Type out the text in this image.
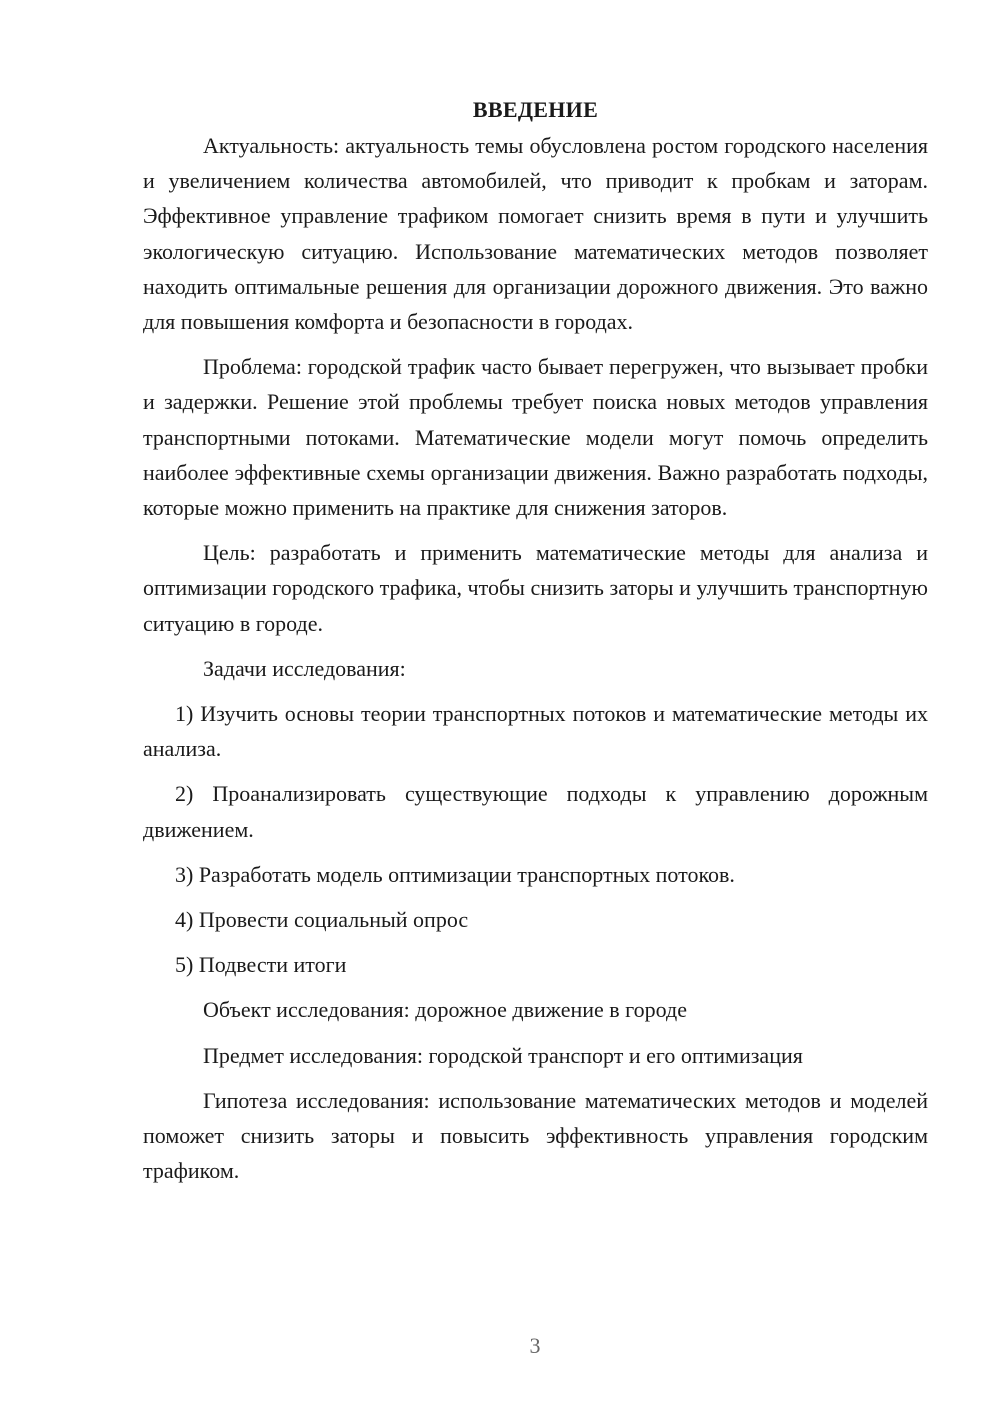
ВВЕДЕНИЕ

Актуальность: актуальность темы обусловлена ростом городского населения и увеличением количества автомобилей, что приводит к пробкам и заторам. Эффективное управление трафиком помогает снизить время в пути и улучшить экологическую ситуацию. Использование математических методов позволяет находить оптимальные решения для организации дорожного движения. Это важно для повышения комфорта и безопасности в городах.

Проблема: городской трафик часто бывает перегружен, что вызывает пробки и задержки. Решение этой проблемы требует поиска новых методов управления транспортными потоками. Математические модели могут помочь определить наиболее эффективные схемы организации движения. Важно разработать подходы, которые можно применить на практике для снижения заторов.

Цель: разработать и применить математические методы для анализа и оптимизации городского трафика, чтобы снизить заторы и улучшить транспортную ситуацию в городе.

Задачи исследования:

1) Изучить основы теории транспортных потоков и математические методы их анализа.

2) Проанализировать существующие подходы к управлению дорожным движением.

3) Разработать модель оптимизации транспортных потоков.

4) Провести социальный опрос

5) Подвести итоги

Объект исследования: дорожное движение в городе

Предмет исследования: городской транспорт и его оптимизация

Гипотеза исследования: использование математических методов и моделей поможет снизить заторы и повысить эффективность управления городским трафиком.

3
